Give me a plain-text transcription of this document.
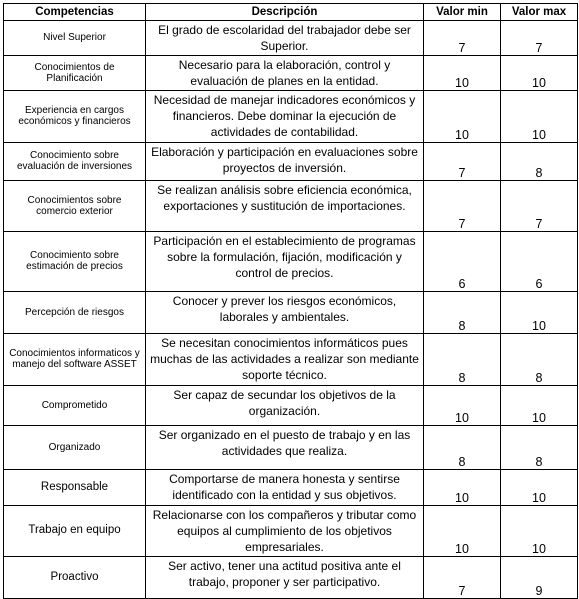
Competencias	Descripción	Valor min	Valor max
Nivel Superior	El grado de escolaridad del trabajador debe ser Superior.	7	7
Conocimientos de Planificación	Necesario para la elaboración, control y evaluación de planes en la entidad.	10	10
Experiencia en cargos económicos y financieros	Necesidad de manejar indicadores económicos y financieros. Debe dominar la ejecución de actividades de contabilidad.	10	10
Conocimiento sobre evaluación de inversiones	Elaboración y participación en evaluaciones sobre proyectos de inversión.	7	8
Conocimientos sobre comercio exterior	Se realizan análisis sobre eficiencia económica, exportaciones y sustitución de importaciones.	7	7
Conocimiento sobre estimación de precios	Participación en el establecimiento de programas sobre la formulación, fijación, modificación y control de precios.	6	6
Percepción de riesgos	Conocer y prever los riesgos económicos, laborales y ambientales.	8	10
Conocimientos informaticos y manejo del software ASSET	Se necesitan conocimientos informáticos pues muchas de las actividades a realizar son mediante soporte técnico.	8	8
Comprometido	Ser capaz de secundar los objetivos de la organización.	10	10
Organizado	Ser organizado en el puesto de trabajo y en las actividades que realiza.	8	8
Responsable	Comportarse de manera honesta y sentirse identificado con la entidad y sus objetivos.	10	10
Trabajo en equipo	Relacionarse con los compañeros y tributar como equipos al cumplimiento de los objetivos empresariales.	10	10
Proactivo	Ser activo, tener una actitud positiva ante el trabajo, proponer y ser participativo.	7	9
